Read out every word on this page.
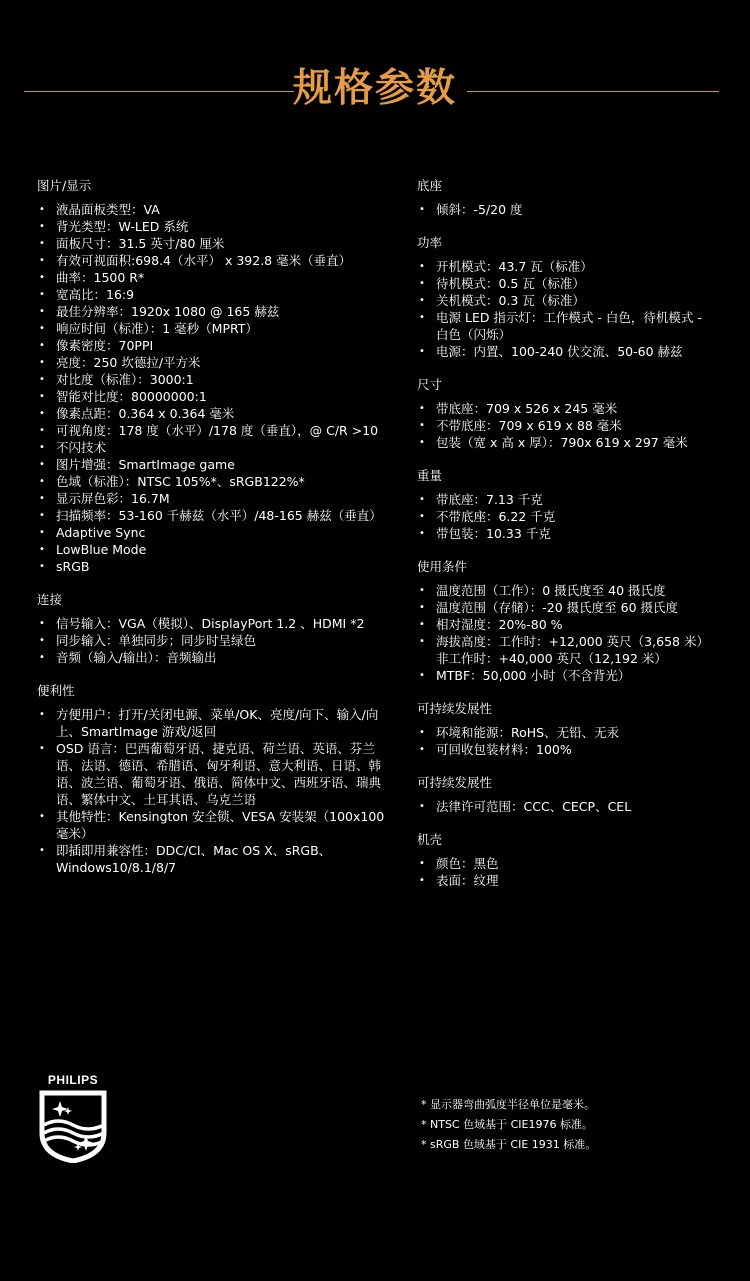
规格参数
图片/显示
• 液晶面板类型：VA
• 背光类型：W-LED 系统
• 面板尺寸：31.5 英寸/80 厘米
• 有效可视面积:698.4（水平） x 392.8 毫米（垂直）
• 曲率：1500 R*
• 宽高比：16:9
• 最佳分辨率：1920x 1080 @ 165 赫兹
• 响应时间（标准）：1 毫秒（MPRT）
• 像素密度：70PPI
• 亮度：250 坎德拉/平方米
• 对比度（标准）：3000:1
• 智能对比度：80000000:1
• 像素点距：0.364 x 0.364 毫米
• 可视角度：178 度（水平）/178 度（垂直），@ C/R >10
• 不闪技术
• 图片增强：SmartImage game
• 色域（标准）：NTSC 105%*、sRGB122%*
• 显示屏色彩：16.7M
• 扫描频率：53-160 千赫兹（水平）/48-165 赫兹（垂直）
• Adaptive Sync
• LowBlue Mode
• sRGB
连接
• 信号输入：VGA（模拟）、DisplayPort 1.2 、HDMI *2
• 同步输入：单独同步；同步时呈绿色
• 音频（输入/输出）：音频输出
便利性
• 方便用户：打开/关闭电源、菜单/OK、亮度/向下、输入/向
上、SmartImage 游戏/返回
• OSD 语言：巴西葡萄牙语、捷克语、荷兰语、英语、芬兰
语、法语、德语、希腊语、匈牙利语、意大利语、日语、韩
语、波兰语、葡萄牙语、俄语、简体中文、西班牙语、瑞典
语、繁体中文、土耳其语、乌克兰语
• 其他特性：Kensington 安全锁、VESA 安装架（100x100
毫米）
• 即插即用兼容性：DDC/CI、Mac OS X、sRGB、
Windows10/8.1/8/7
底座
• 倾斜：-5/20 度
功率
• 开机模式：43.7 瓦（标准）
• 待机模式：0.5 瓦（标准）
• 关机模式：0.3 瓦（标准）
• 电源 LED 指示灯：工作模式 - 白色，待机模式 -
白色（闪烁）
• 电源：内置、100-240 伏交流、50-60 赫兹
尺寸
• 带底座：709 x 526 x 245 毫米
• 不带底座：709 x 619 x 88 毫米
• 包装（宽 x 高 x 厚）：790x 619 x 297 毫米
重量
• 带底座：7.13 千克
• 不带底座：6.22 千克
• 带包装：10.33 千克
使用条件
• 温度范围（工作）：0 摄氏度至 40 摄氏度
• 温度范围（存储）：-20 摄氏度至 60 摄氏度
• 相对湿度：20%-80 %
• 海拔高度：工作时：+12,000 英尺（3,658 米）
非工作时：+40,000 英尺（12,192 米）
• MTBF：50,000 小时（不含背光）
可持续发展性
• 环境和能源：RoHS、无铅、无汞
• 可回收包装材料：100%
可持续发展性
• 法律许可范围：CCC、CECP、CEL
机壳
• 颜色：黑色
• 表面：纹理
PHILIPS
* 显示器弯曲弧度半径单位是毫米。
* NTSC 色域基于 CIE1976 标准。
* sRGB 色域基于 CIE 1931 标准。
